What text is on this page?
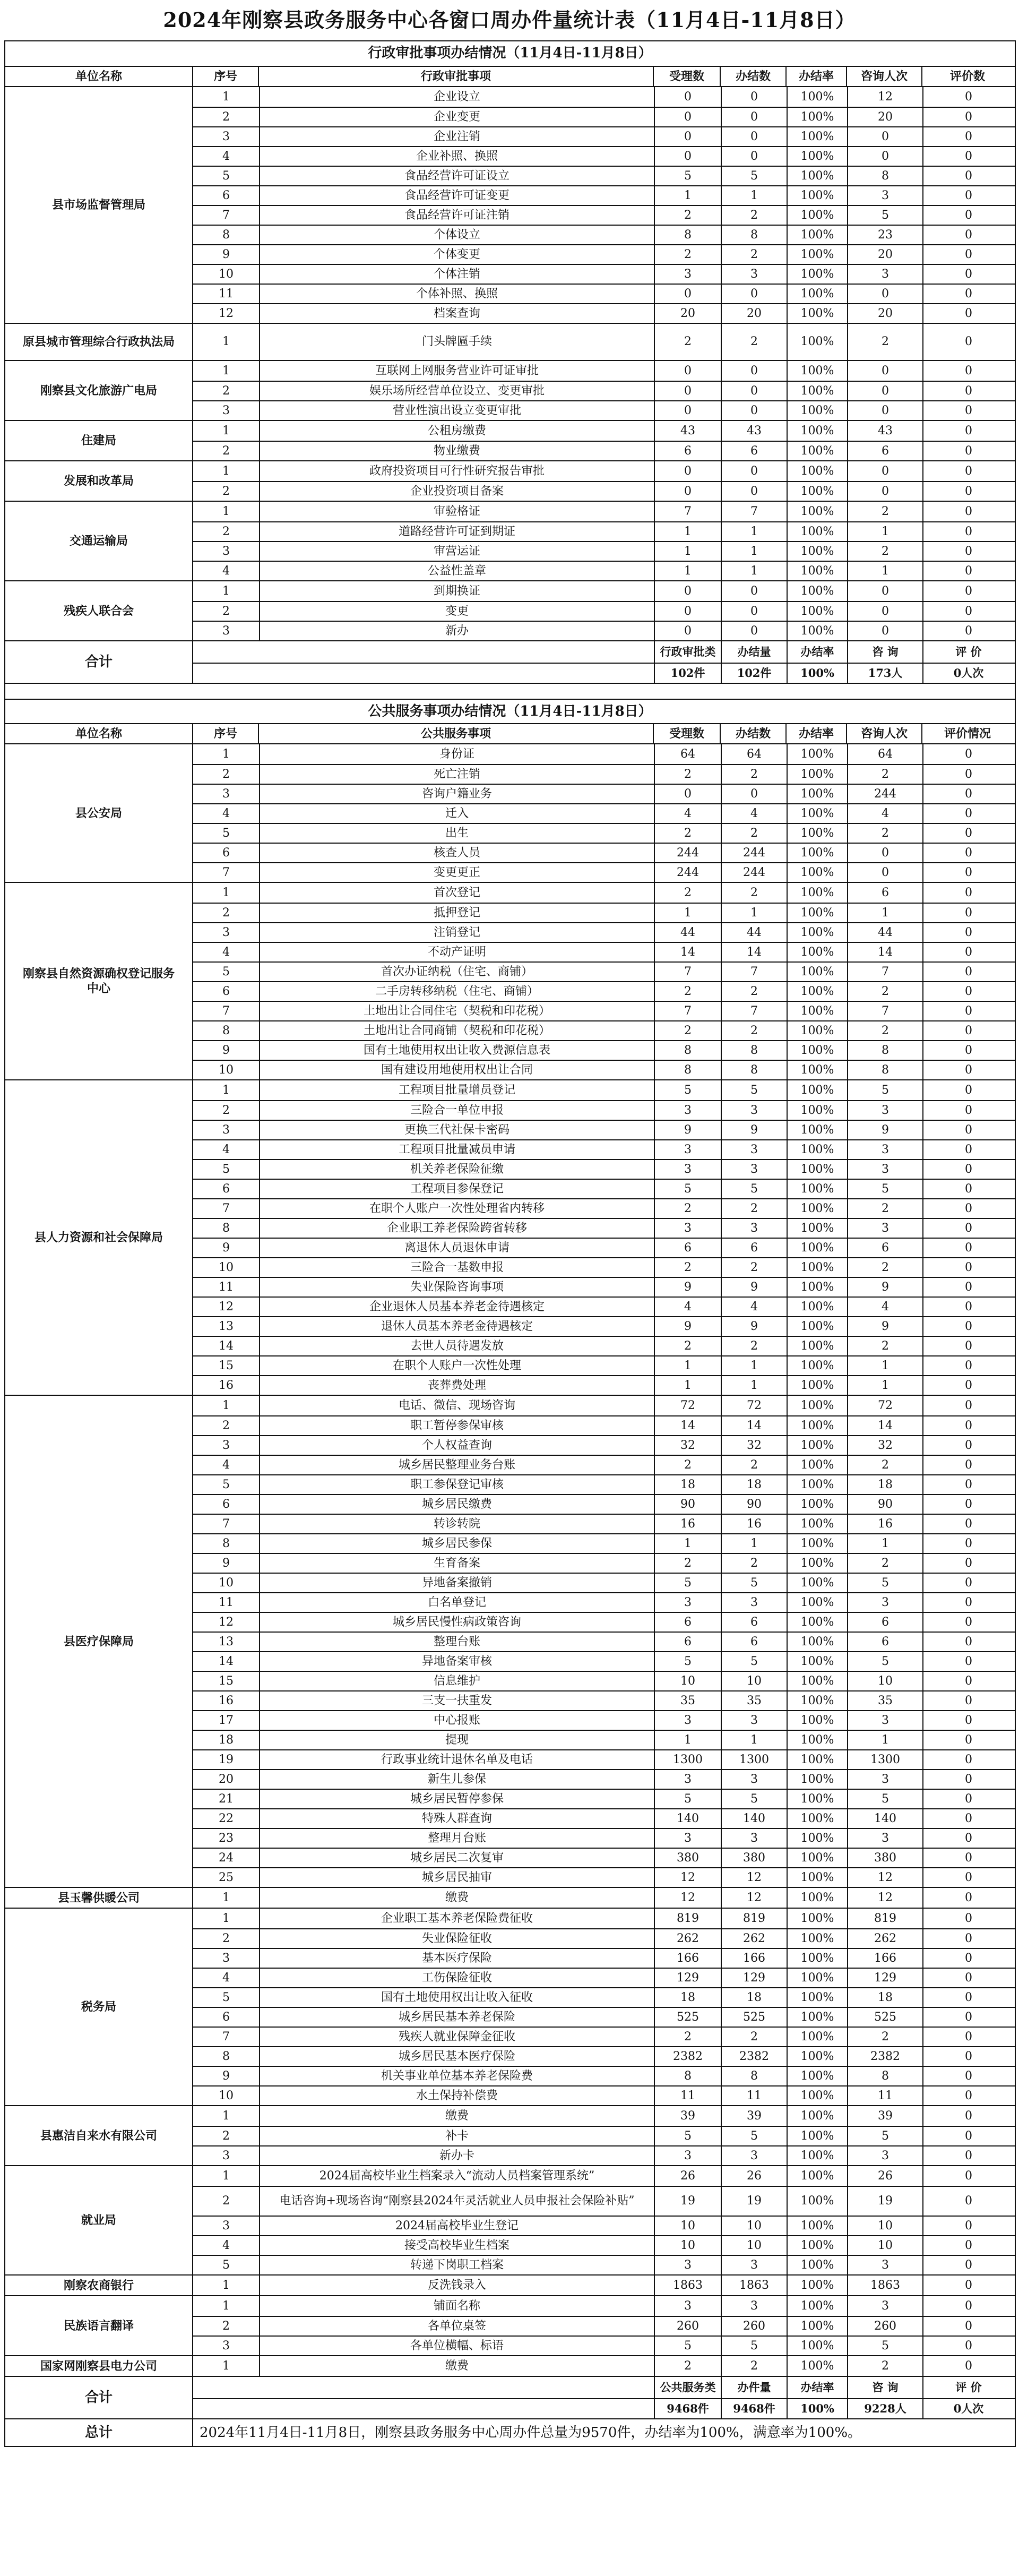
2024年刚察县政务服务中心各窗口周办件量统计表（11月4日-11月8日）
行政审批事项办结情况（11月4日-11月8日）
单位名称	序号	行政审批事项	受理数	办结数	办结率	咨询人次	评价数
县市场监督管理局
1	企业设立	0	0	100%	12	0
2	企业变更	0	0	100%	20	0
3	企业注销	0	0	100%	0	0
4	企业补照、换照	0	0	100%	0	0
5	食品经营许可证设立	5	5	100%	8	0
6	食品经营许可证变更	1	1	100%	3	0
7	食品经营许可证注销	2	2	100%	5	0
8	个体设立	8	8	100%	23	0
9	个体变更	2	2	100%	20	0
10	个体注销	3	3	100%	3	0
11	个体补照、换照	0	0	100%	0	0
12	档案查询	20	20	100%	20	0
原县城市管理综合行政执法局	1	门头牌匾手续	2	2	100%	2	0
刚察县文化旅游广电局
1	互联网上网服务营业许可证审批	0	0	100%	0	0
2	娱乐场所经营单位设立、变更审批	0	0	100%	0	0
3	营业性演出设立变更审批	0	0	100%	0	0
住建局
1	公租房缴费	43	43	100%	43	0
2	物业缴费	6	6	100%	6	0
发展和改革局
1	政府投资项目可行性研究报告审批	0	0	100%	0	0
2	企业投资项目备案	0	0	100%	0	0
交通运输局
1	审验格证	7	7	100%	2	0
2	道路经营许可证到期证	1	1	100%	1	0
3	审营运证	1	1	100%	2	0
4	公益性盖章	1	1	100%	1	0
残疾人联合会
1	到期换证	0	0	100%	0	0
2	变更	0	0	100%	0	0
3	新办	0	0	100%	0	0
合计
行政审批类	办结量	办结率	咨 询	评 价
102件	102件	100%	173人	0人次
公共服务事项办结情况（11月4日-11月8日）
单位名称	序号	公共服务事项	受理数	办结数	办结率	咨询人次	评价情况
县公安局
1	身份证	64	64	100%	64	0
2	死亡注销	2	2	100%	2	0
3	咨询户籍业务	0	0	100%	244	0
4	迁入	4	4	100%	4	0
5	出生	2	2	100%	2	0
6	核查人员	244	244	100%	0	0
7	变更更正	244	244	100%	0	0
刚察县自然资源确权登记服务中心
1	首次登记	2	2	100%	6	0
2	抵押登记	1	1	100%	1	0
3	注销登记	44	44	100%	44	0
4	不动产证明	14	14	100%	14	0
5	首次办证纳税（住宅、商铺）	7	7	100%	7	0
6	二手房转移纳税（住宅、商铺）	2	2	100%	2	0
7	土地出让合同住宅（契税和印花税）	7	7	100%	7	0
8	土地出让合同商铺（契税和印花税）	2	2	100%	2	0
9	国有土地使用权出让收入费源信息表	8	8	100%	8	0
10	国有建设用地使用权出让合同	8	8	100%	8	0
县人力资源和社会保障局
1	工程项目批量增员登记	5	5	100%	5	0
2	三险合一单位申报	3	3	100%	3	0
3	更换三代社保卡密码	9	9	100%	9	0
4	工程项目批量减员申请	3	3	100%	3	0
5	机关养老保险征缴	3	3	100%	3	0
6	工程项目参保登记	5	5	100%	5	0
7	在职个人账户一次性处理省内转移	2	2	100%	2	0
8	企业职工养老保险跨省转移	3	3	100%	3	0
9	离退休人员退休申请	6	6	100%	6	0
10	三险合一基数申报	2	2	100%	2	0
11	失业保险咨询事项	9	9	100%	9	0
12	企业退休人员基本养老金待遇核定	4	4	100%	4	0
13	退休人员基本养老金待遇核定	9	9	100%	9	0
14	去世人员待遇发放	2	2	100%	2	0
15	在职个人账户一次性处理	1	1	100%	1	0
16	丧葬费处理	1	1	100%	1	0
县医疗保障局
1	电话、微信、现场咨询	72	72	100%	72	0
2	职工暂停参保审核	14	14	100%	14	0
3	个人权益查询	32	32	100%	32	0
4	城乡居民整理业务台账	2	2	100%	2	0
5	职工参保登记审核	18	18	100%	18	0
6	城乡居民缴费	90	90	100%	90	0
7	转诊转院	16	16	100%	16	0
8	城乡居民参保	1	1	100%	1	0
9	生育备案	2	2	100%	2	0
10	异地备案撤销	5	5	100%	5	0
11	白名单登记	3	3	100%	3	0
12	城乡居民慢性病政策咨询	6	6	100%	6	0
13	整理台账	6	6	100%	6	0
14	异地备案审核	5	5	100%	5	0
15	信息维护	10	10	100%	10	0
16	三支一扶重发	35	35	100%	35	0
17	中心报账	3	3	100%	3	0
18	提现	1	1	100%	1	0
19	行政事业统计退休名单及电话	1300	1300	100%	1300	0
20	新生儿参保	3	3	100%	3	0
21	城乡居民暂停参保	5	5	100%	5	0
22	特殊人群查询	140	140	100%	140	0
23	整理月台账	3	3	100%	3	0
24	城乡居民二次复审	380	380	100%	380	0
25	城乡居民抽审	12	12	100%	12	0
县玉馨供暖公司	1	缴费	12	12	100%	12	0
税务局
1	企业职工基本养老保险费征收	819	819	100%	819	0
2	失业保险征收	262	262	100%	262	0
3	基本医疗保险	166	166	100%	166	0
4	工伤保险征收	129	129	100%	129	0
5	国有土地使用权出让收入征收	18	18	100%	18	0
6	城乡居民基本养老保险	525	525	100%	525	0
7	残疾人就业保障金征收	2	2	100%	2	0
8	城乡居民基本医疗保险	2382	2382	100%	2382	0
9	机关事业单位基本养老保险费	8	8	100%	8	0
10	水土保持补偿费	11	11	100%	11	0
县惠洁自来水有限公司
1	缴费	39	39	100%	39	0
2	补卡	5	5	100%	5	0
3	新办卡	3	3	100%	3	0
就业局
1	2024届高校毕业生档案录入“流动人员档案管理系统”	26	26	100%	26	0
2	电话咨询+现场咨询“刚察县2024年灵活就业人员申报社会保险补贴”	19	19	100%	19	0
3	2024届高校毕业生登记	10	10	100%	10	0
4	接受高校毕业生档案	10	10	100%	10	0
5	转递下岗职工档案	3	3	100%	3	0
刚察农商银行	1	反洗钱录入	1863	1863	100%	1863	0
民族语言翻译
1	铺面名称	3	3	100%	3	0
2	各单位桌签	260	260	100%	260	0
3	各单位横幅、标语	5	5	100%	5	0
国家网刚察县电力公司	1	缴费	2	2	100%	2	0
合计
公共服务类	办件量	办结率	咨 询	评 价
9468件	9468件	100%	9228人	0人次
总计	2024年11月4日-11月8日，刚察县政务服务中心周办件总量为9570件，办结率为100%，满意率为100%。
